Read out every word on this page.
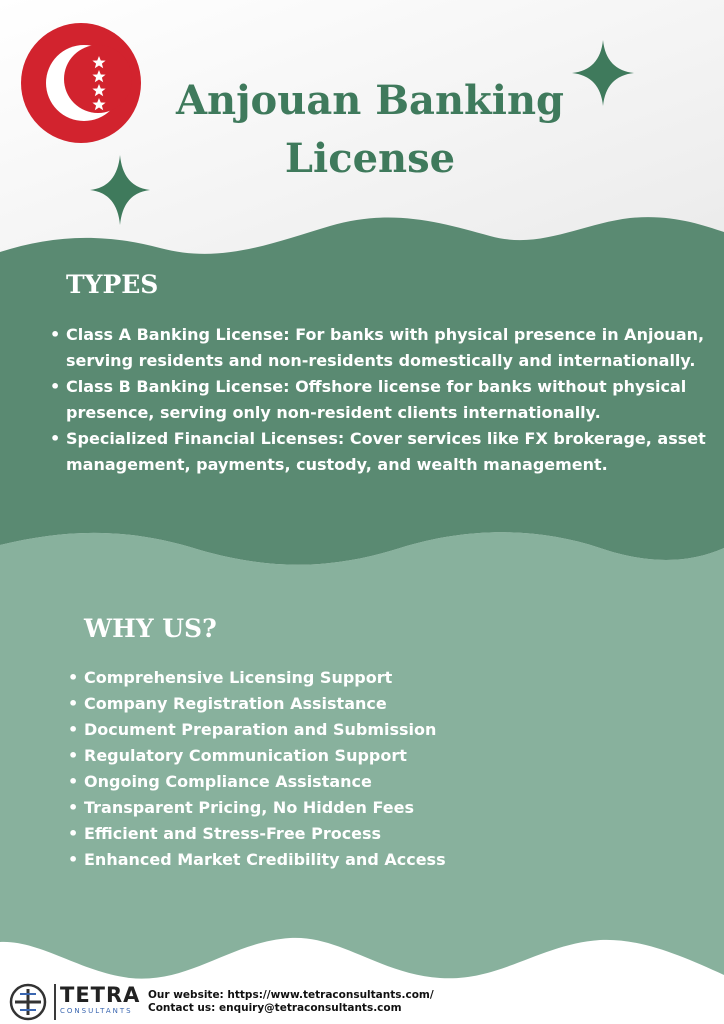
Anjouan Banking
License
TYPES
• Class A Banking License: For banks with physical presence in Anjouan, serving residents and non-residents domestically and internationally.
• Class B Banking License: Offshore license for banks without physical presence, serving only non-resident clients internationally.
• Specialized Financial Licenses: Cover services like FX brokerage, asset management, payments, custody, and wealth management.
WHY US?
• Comprehensive Licensing Support
• Company Registration Assistance
• Document Preparation and Submission
• Regulatory Communication Support
• Ongoing Compliance Assistance
• Transparent Pricing, No Hidden Fees
• Efficient and Stress-Free Process
• Enhanced Market Credibility and Access
TETRA
CONSULTANTS
Our website: https://www.tetraconsultants.com/
Contact us: enquiry@tetraconsultants.com
